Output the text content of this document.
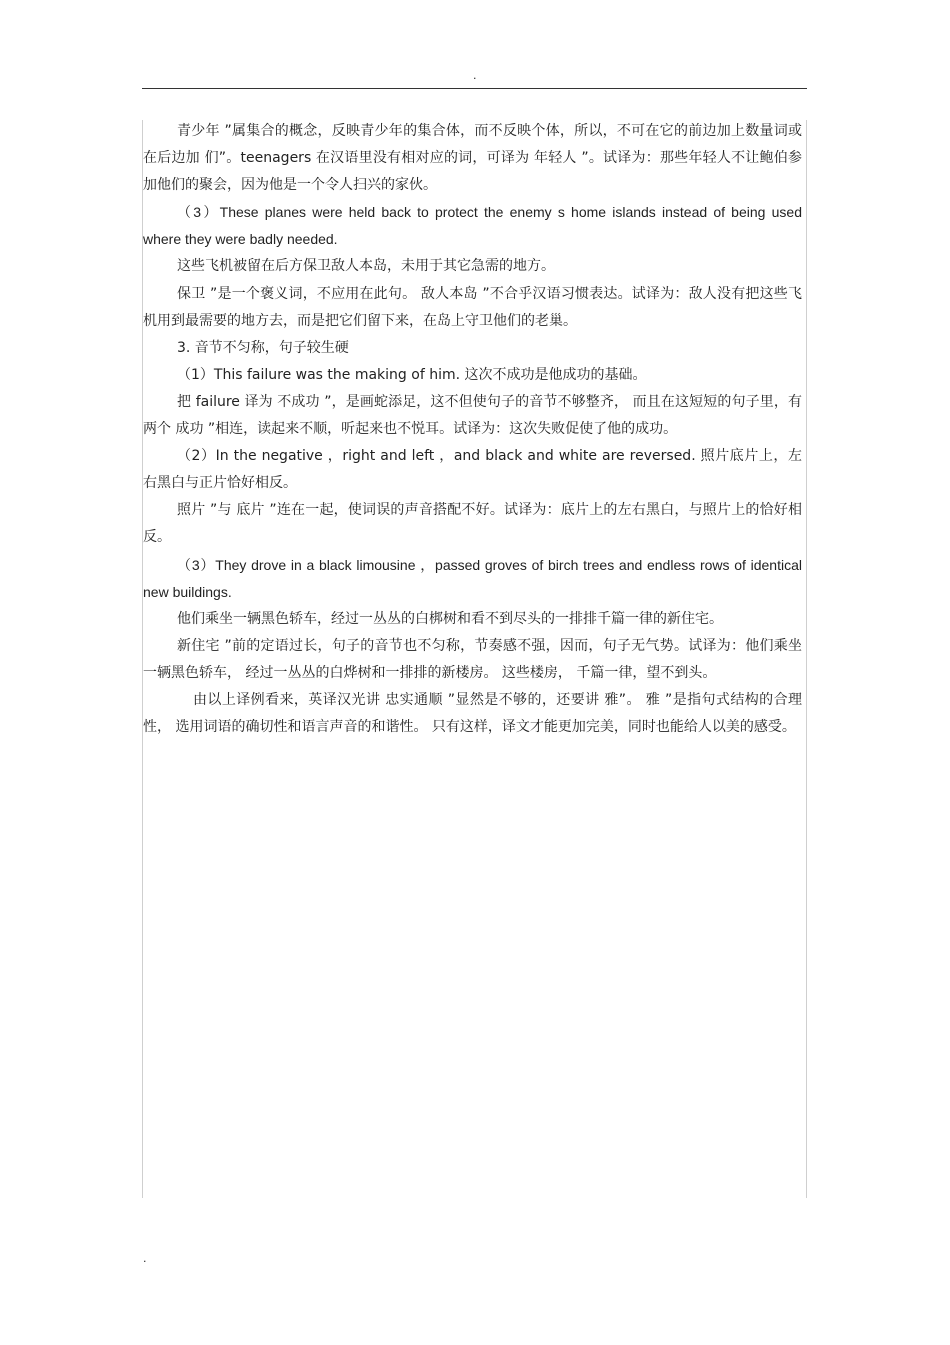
.

青少年 ”属集合的概念，反映青少年的集合体，而不反映个体，所以，不可在它的前边加上数量词或在后边加 们”。teenagers 在汉语里没有相对应的词，可译为 年轻人 ”。试译为：那些年轻人不让鲍伯参加他们的聚会，因为他是一个令人扫兴的家伙。

（3）These planes were held back to protect the enemy s home islands instead of being used where they were badly needed.

这些飞机被留在后方保卫敌人本岛，未用于其它急需的地方。

保卫 ”是一个褒义词，不应用在此句。 敌人本岛 ”不合乎汉语习惯表达。试译为：敌人没有把这些飞机用到最需要的地方去，而是把它们留下来，在岛上守卫他们的老巢。

3. 音节不匀称，句子较生硬

（1）This failure was the making of him. 这次不成功是他成功的基础。

把 failure 译为 不成功 ”，是画蛇添足，这不但使句子的音节不够整齐， 而且在这短短的句子里，有两个 成功 ”相连，读起来不顺，听起来也不悦耳。试译为：这次失败促使了他的成功。

（2）In the negative ，right and left ，and black and white are reversed. 照片底片上，左右黑白与正片恰好相反。

照片 ”与 底片 ”连在一起，使词误的声音搭配不好。试译为：底片上的左右黑白，与照片上的恰好相反。

（3）They drove in a black limousine ，passed groves of birch trees and endless rows of identical new buildings.

他们乘坐一辆黑色轿车，经过一丛丛的白梆树和看不到尽头的一排排千篇一律的新住宅。

新住宅 ”前的定语过长，句子的音节也不匀称，节奏感不强，因而，句子无气势。试译为：他们乘坐一辆黑色轿车， 经过一丛丛的白烨树和一排排的新楼房。 这些楼房， 千篇一律，望不到头。

由以上译例看来，英译汉光讲 忠实通顺 ”显然是不够的，还要讲 雅”。 雅 ”是指句式结构的合理性， 选用词语的确切性和语言声音的和谐性。 只有这样，译文才能更加完美，同时也能给人以美的感受。

.
